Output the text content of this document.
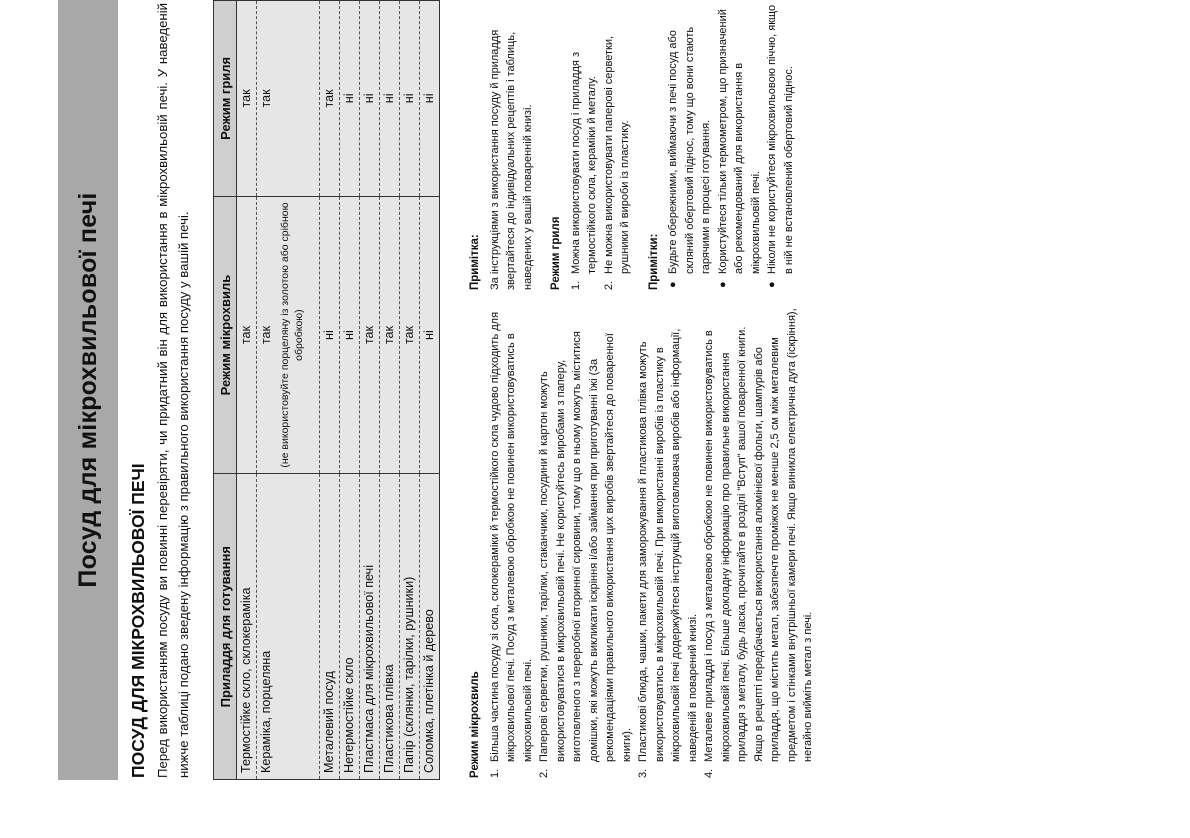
Посуд для мікрохвильової печі
ПОСУД ДЛЯ МІКРОХВИЛЬОВОЇ ПЕЧІ Перед використанням посуду ви повинні перевіряти, чи придатний він для використання в мікрохвильовій печі. У наведеній нижче таблиці подано зведену інформацію з правильного використання посуду у вашій печі. Приладдя для готування	Режим мікрохвиль	Режим гриля
Термостійке скло, склокераміка	так	так
Кераміка, порцеляна	так (не використовуйте порцеляну із золотою або срібною обробкою)	так
Металевий посуд	ні	так
Нетермостійке скло	ні	ні
Пластмаса для мікрохвильової печі	так	ні
Пластикова плівка	так	ні
Папір (склянки, тарілки, рушники)	так	ні
Соломка, плетінка й дерево	ні	ні
Режим мікрохвиль 1.
Більша частина посуду зі скла, склокераміки й термостійкого скла чудово підходить для мікрохвильової печі. Посуд з металевою обробкою не повинен використовуватись в мікрохвильовій печі.
2.
Паперові серветки, рушники, тарілки, стаканчики, посудини й картон можуть використовуватися в мікрохвильовій печі. Не користуйтесь виробами з паперу, виготовленого з переробної вторинної сировини, тому що в ньому можуть міститися домішки, які можуть викликати іскріння і/або займання при приготуванні їжі (За рекомендаціями правильного використання цих виробів звертайтеся до поваренної книги).
3.
Пластикові блюда, чашки, пакети для заморожування й пластикова плівка можуть використовуватись в мікрохвильовій печі. При використанні виробів із пластику в мікрохвильовій печі додержуйтеся інструкцій виготовлювача виробів або інформації, наведеній в поварений книзі.
4.
Металеве приладдя і посуд з металевою обробкою не повинен використовуватись в мікрохвильовій печі. Більше докладну інформацію про правильне використання приладдя з металу, будь ласка, прочитайте в розділі "Вступ" вашої поваренної книги. Якщо в рецепті передбачається використання алюмінієвої фольги, шампурів або приладдя, що містить метал, забезпечте проміжок не менше 2,5 см між металевим предметом і стінками внутрішньої камери печі. Якщо виникла електрична дуга (іскріння), негайно вийміть метал з печі.
Примітка: За інструкціями з використання посуду й приладдя звертайтеся до індивідуальних рецептів і таблиць, наведених у вашій поваренній книзі. Режим гриля 1.
Можна використовувати посуд і приладдя з термостійкого скла, кераміки й металу.
2.
Не можна використовувати паперові серветки, рушники й вироби із пластику. Примітки: ●
Будьте обережними, виймаючи з печі посуд або скляний обертовий піднос, тому що вони стають гарячими в процесі готування.
●
Користуйтеся тільки термометром, що призначений або рекомендований для використання в мікрохвильовій печі.
●
Ніколи не користуйтеся мікрохвильовою піччю, якщо в ній не встановлений обертовий піднос.
